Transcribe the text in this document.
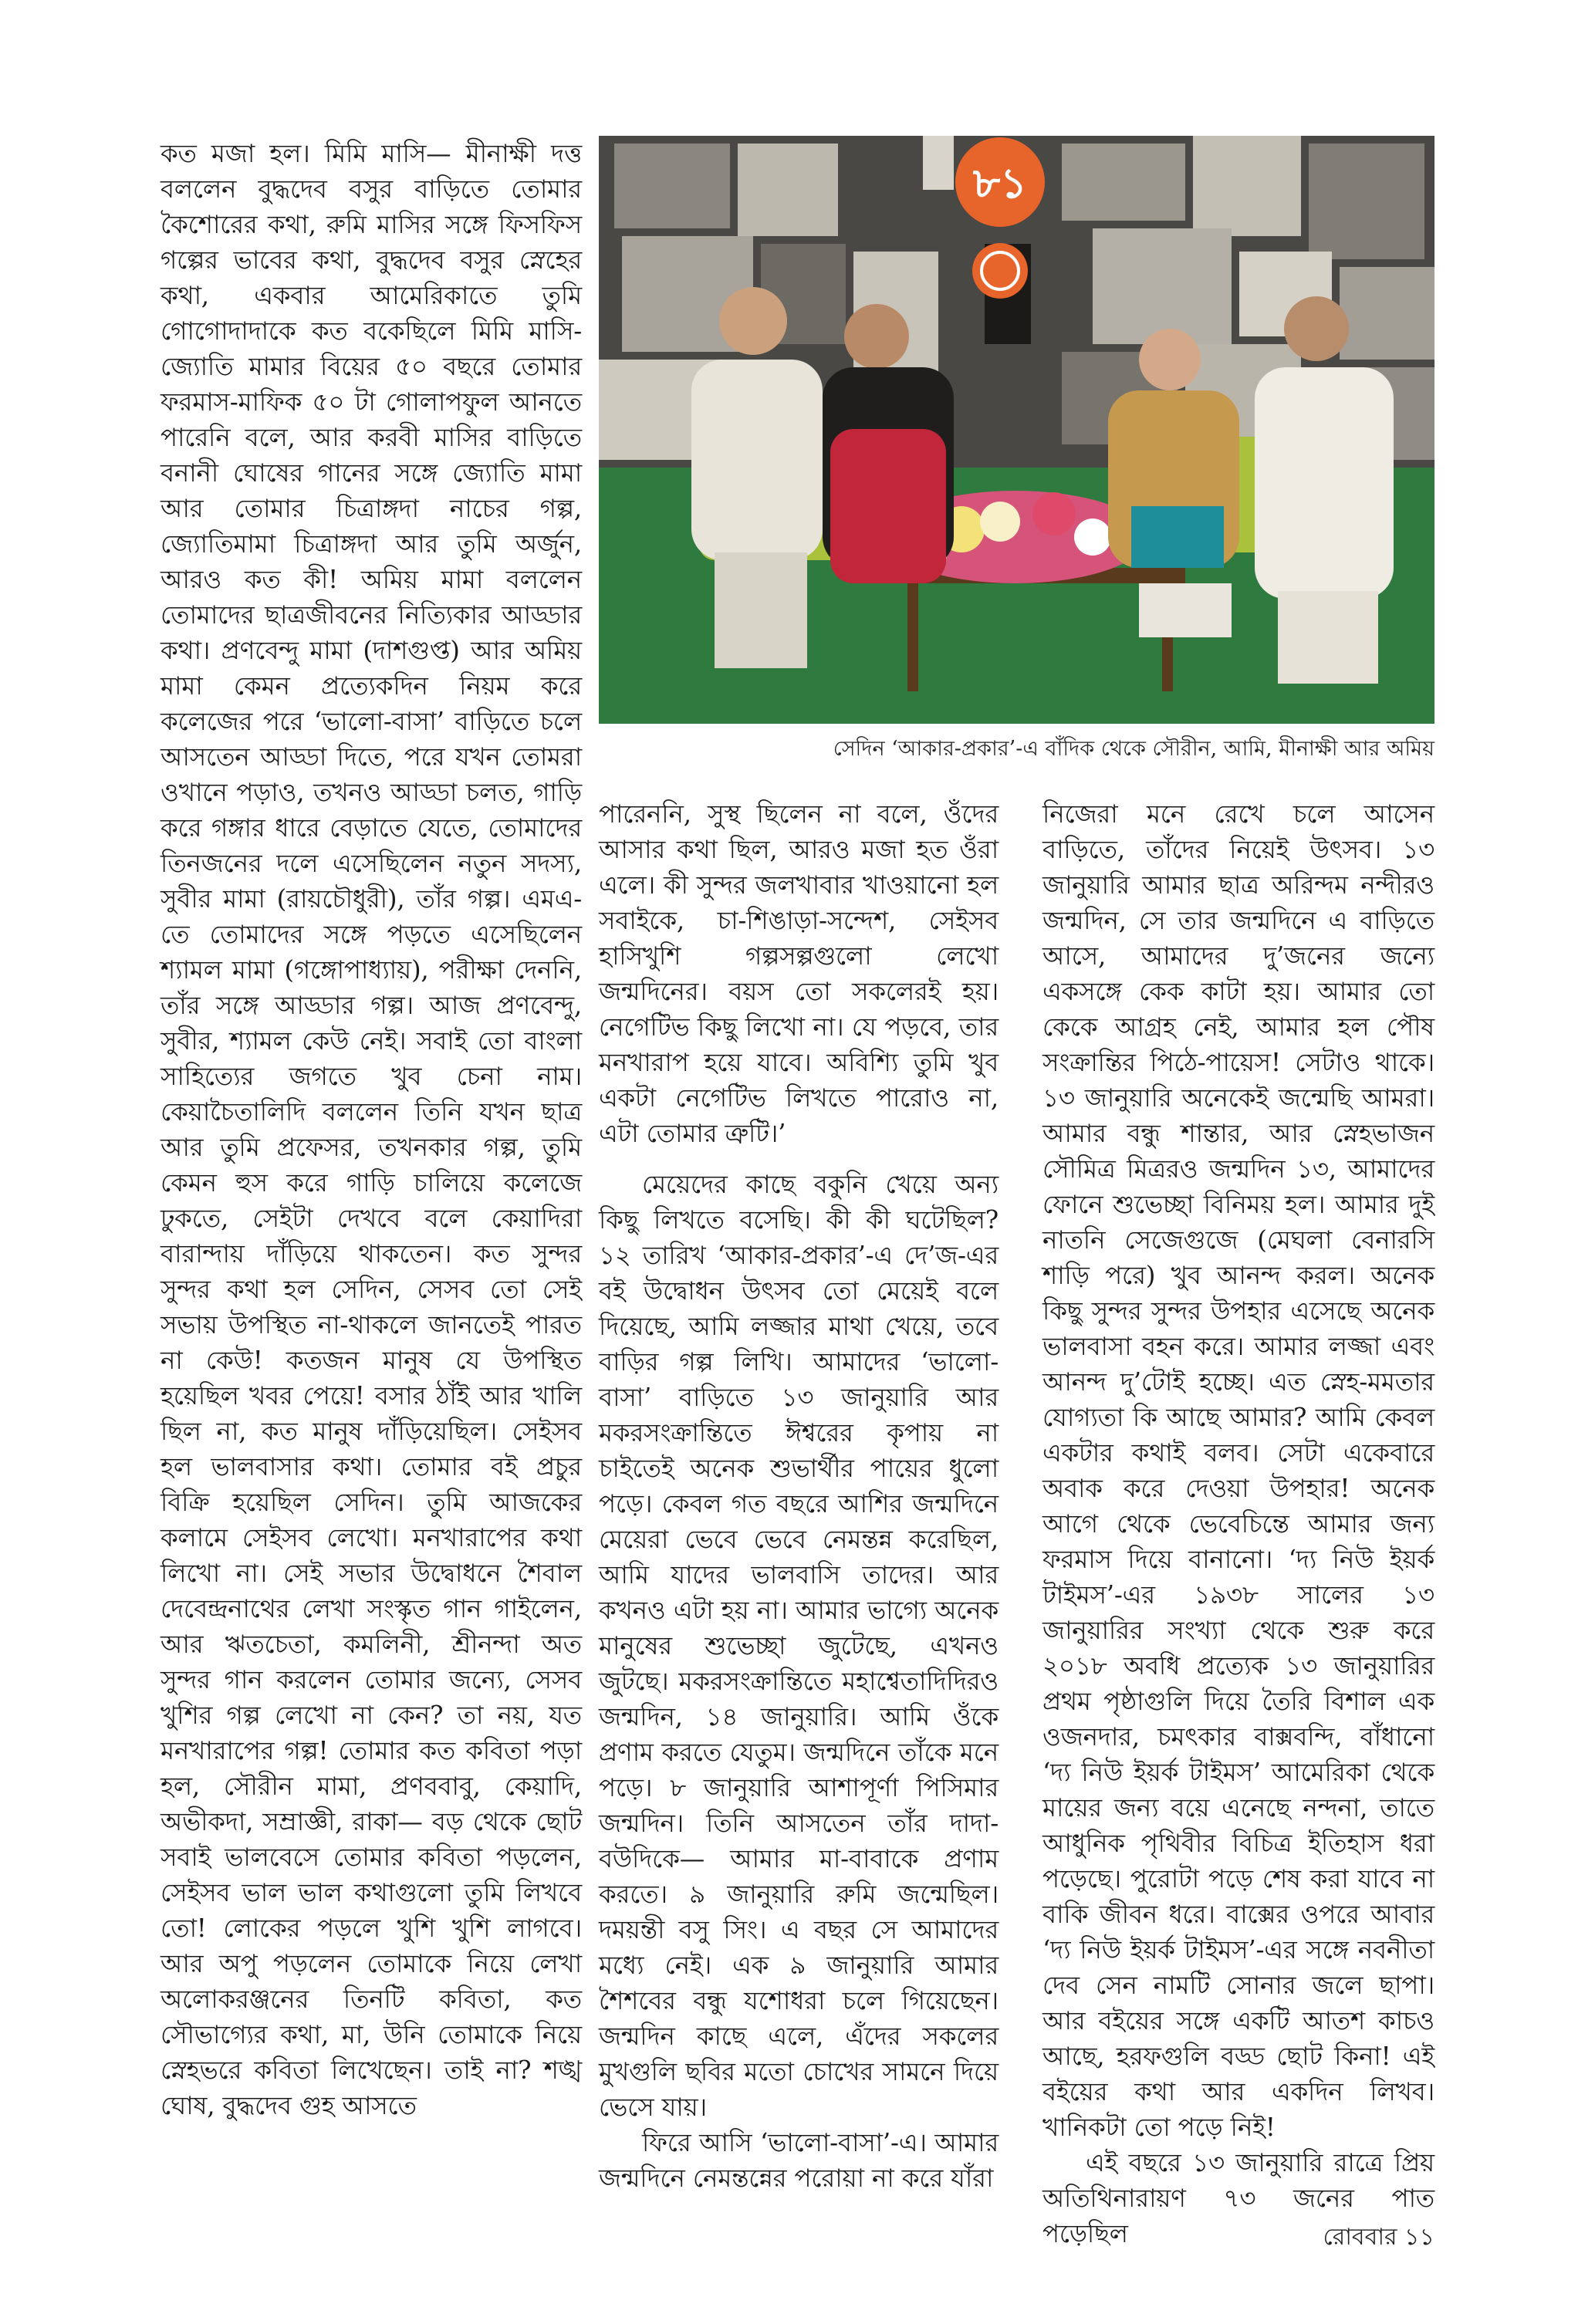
কত মজা হল। মিমি মাসি— মীনাক্ষী দত্ত বললেন বুদ্ধদেব বসুর বাড়িতে তোমার কৈশোরের কথা, রুমি মাসির সঙ্গে ফিসফিস গল্পের ভাবের কথা, বুদ্ধদেব বসুর স্নেহের কথা, একবার আমেরিকাতে তুমি গোগোদাদাকে কত বকেছিলে মিমি মাসি-জ্যোতি মামার বিয়ের ৫০ বছরে তোমার ফরমাস-মাফিক ৫০ টা গোলাপফুল আনতে পারেনি বলে, আর করবী মাসির বাড়িতে বনানী ঘোষের গানের সঙ্গে জ্যোতি মামা আর তোমার চিত্রাঙ্গদা নাচের গল্প, জ্যোতিমামা চিত্রাঙ্গদা আর তুমি অর্জুন, আরও কত কী! অমিয় মামা বললেন তোমাদের ছাত্রজীবনের নিত্যিকার আড্ডার কথা। প্রণবেন্দু মামা (দাশগুপ্ত) আর অমিয় মামা কেমন প্রত্যেকদিন নিয়ম করে কলেজের পরে ‘ভালো-বাসা’ বাড়িতে চলে আসতেন আড্ডা দিতে, পরে যখন তোমরা ওখানে পড়াও, তখনও আড্ডা চলত, গাড়ি করে গঙ্গার ধারে বেড়াতে যেতে, তোমাদের তিনজনের দলে এসেছিলেন নতুন সদস্য, সুবীর মামা (রায়চৌধুরী), তাঁর গল্প। এমএ-তে তোমাদের সঙ্গে পড়তে এসেছিলেন শ্যামল মামা (গঙ্গোপাধ্যায়), পরীক্ষা দেননি, তাঁর সঙ্গে আড্ডার গল্প। আজ প্রণবেন্দু, সুবীর, শ্যামল কেউ নেই। সবাই তো বাংলা সাহিত্যের জগতে খুব চেনা নাম। কেয়াচৈতালিদি বললেন তিনি যখন ছাত্র আর তুমি প্রফেসর, তখনকার গল্প, তুমি কেমন হুস করে গাড়ি চালিয়ে কলেজে ঢুকতে, সেইটা দেখবে বলে কেয়াদিরা বারান্দায় দাঁড়িয়ে থাকতেন। কত সুন্দর সুন্দর কথা হল সেদিন, সেসব তো সেই সভায় উপস্থিত না-থাকলে জানতেই পারত না কেউ! কতজন মানুষ যে উপস্থিত হয়েছিল খবর পেয়ে! বসার ঠাঁই আর খালি ছিল না, কত মানুষ দাঁড়িয়েছিল। সেইসব হল ভালবাসার কথা। তোমার বই প্রচুর বিক্রি হয়েছিল সেদিন। তুমি আজকের কলামে সেইসব লেখো। মনখারাপের কথা লিখো না। সেই সভার উদ্বোধনে শৈবাল দেবেন্দ্রনাথের লেখা সংস্কৃত গান গাইলেন, আর ঋতচেতা, কমলিনী, শ্রীনন্দা অত সুন্দর গান করলেন তোমার জন্যে, সেসব খুশির গল্প লেখো না কেন? তা নয়, যত মনখারাপের গল্প! তোমার কত কবিতা পড়া হল, সৌরীন মামা, প্রণববাবু, কেয়াদি, অভীকদা, সম্রাজ্ঞী, রাকা— বড় থেকে ছোট সবাই ভালবেসে তোমার কবিতা পড়লেন, সেইসব ভাল ভাল কথাগুলো তুমি লিখবে তো! লোকের পড়লে খুশি খুশি লাগবে। আর অপু পড়লেন তোমাকে নিয়ে লেখা অলোকরঞ্জনের তিনটি কবিতা, কত সৌভাগ্যের কথা, মা, উনি তোমাকে নিয়ে স্নেহভরে কবিতা লিখেছেন। তাই না? শঙ্খ ঘোষ, বুদ্ধদেব গুহ আসতে

৮১
সেদিন ‘আকার-প্রকার’-এ বাঁদিক থেকে সৌরীন, আমি, মীনাক্ষী আর অমিয়

পারেননি, সুস্থ ছিলেন না বলে, ওঁদের আসার কথা ছিল, আরও মজা হত ওঁরা এলে। কী সুন্দর জলখাবার খাওয়ানো হল সবাইকে, চা-শিঙাড়া-সন্দেশ, সেইসব হাসিখুশি গল্পসল্পগুলো লেখো জন্মদিনের। বয়স তো সকলেরই হয়। নেগেটিভ কিছু লিখো না। যে পড়বে, তার মনখারাপ হয়ে যাবে। অবিশ্যি তুমি খুব একটা নেগেটিভ লিখতে পারোও না, এটা তোমার ত্রুটি।’

মেয়েদের কাছে বকুনি খেয়ে অন্য কিছু লিখতে বসেছি। কী কী ঘটেছিল? ১২ তারিখ ‘আকার-প্রকার’-এ দে’জ-এর বই উদ্বোধন উৎসব তো মেয়েই বলে দিয়েছে, আমি লজ্জার মাথা খেয়ে, তবে বাড়ির গল্প লিখি। আমাদের ‘ভালো-বাসা’ বাড়িতে ১৩ জানুয়ারি আর মকরসংক্রান্তিতে ঈশ্বরের কৃপায় না চাইতেই অনেক শুভার্থীর পায়ের ধুলো পড়ে। কেবল গত বছরে আশির জন্মদিনে মেয়েরা ভেবে ভেবে নেমন্তন্ন করেছিল, আমি যাদের ভালবাসি তাদের। আর কখনও এটা হয় না। আমার ভাগ্যে অনেক মানুষের শুভেচ্ছা জুটেছে, এখনও জুটছে। মকরসংক্রান্তিতে মহাশ্বেতাদিদিরও জন্মদিন, ১৪ জানুয়ারি। আমি ওঁকে প্রণাম করতে যেতুম। জন্মদিনে তাঁকে মনে পড়ে। ৮ জানুয়ারি আশাপূর্ণা পিসিমার জন্মদিন। তিনি আসতেন তাঁর দাদা-বউদিকে— আমার মা-বাবাকে প্রণাম করতে। ৯ জানুয়ারি রুমি জন্মেছিল। দময়ন্তী বসু সিং। এ বছর সে আমাদের মধ্যে নেই। এক ৯ জানুয়ারি আমার শৈশবের বন্ধু যশোধরা চলে গিয়েছেন। জন্মদিন কাছে এলে, এঁদের সকলের মুখগুলি ছবির মতো চোখের সামনে দিয়ে ভেসে যায়।

ফিরে আসি ‘ভালো-বাসা’-এ। আমার জন্মদিনে নেমন্তন্নের পরোয়া না করে যাঁরা

নিজেরা মনে রেখে চলে আসেন বাড়িতে, তাঁদের নিয়েই উৎসব। ১৩ জানুয়ারি আমার ছাত্র অরিন্দম নন্দীরও জন্মদিন, সে তার জন্মদিনে এ বাড়িতে আসে, আমাদের দু’জনের জন্যে একসঙ্গে কেক কাটা হয়। আমার তো কেকে আগ্রহ নেই, আমার হল পৌষ সংক্রান্তির পিঠে-পায়েস! সেটাও থাকে। ১৩ জানুয়ারি অনেকেই জন্মেছি আমরা। আমার বন্ধু শান্তার, আর স্নেহভাজন সৌমিত্র মিত্ররও জন্মদিন ১৩, আমাদের ফোনে শুভেচ্ছা বিনিময় হল। আমার দুই নাতনি সেজেগুজে (মেঘলা বেনারসি শাড়ি পরে) খুব আনন্দ করল। অনেক কিছু সুন্দর সুন্দর উপহার এসেছে অনেক ভালবাসা বহন করে। আমার লজ্জা এবং আনন্দ দু’টোই হচ্ছে। এত স্নেহ-মমতার যোগ্যতা কি আছে আমার? আমি কেবল একটার কথাই বলব। সেটা একেবারে অবাক করে দেওয়া উপহার! অনেক আগে থেকে ভেবেচিন্তে আমার জন্য ফরমাস দিয়ে বানানো। ‘দ্য নিউ ইয়র্ক টাইমস’-এর ১৯৩৮ সালের ১৩ জানুয়ারির সংখ্যা থেকে শুরু করে ২০১৮ অবধি প্রত্যেক ১৩ জানুয়ারির প্রথম পৃষ্ঠাগুলি দিয়ে তৈরি বিশাল এক ওজনদার, চমৎকার বাক্সবন্দি, বাঁধানো ‘দ্য নিউ ইয়র্ক টাইমস’ আমেরিকা থেকে মায়ের জন্য বয়ে এনেছে নন্দনা, তাতে আধুনিক পৃথিবীর বিচিত্র ইতিহাস ধরা পড়েছে। পুরোটা পড়ে শেষ করা যাবে না বাকি জীবন ধরে। বাক্সের ওপরে আবার ‘দ্য নিউ ইয়র্ক টাইমস’-এর সঙ্গে নবনীতা দেব সেন নামটি সোনার জলে ছাপা। আর বইয়ের সঙ্গে একটি আতশ কাচও আছে, হরফগুলি বড্ড ছোট কিনা! এই বইয়ের কথা আর একদিন লিখব। খানিকটা তো পড়ে নিই!

এই বছরে ১৩ জানুয়ারি রাত্রে প্রিয় অতিথিনারায়ণ ৭৩ জনের পাত পড়েছিল	রোববার ১১
